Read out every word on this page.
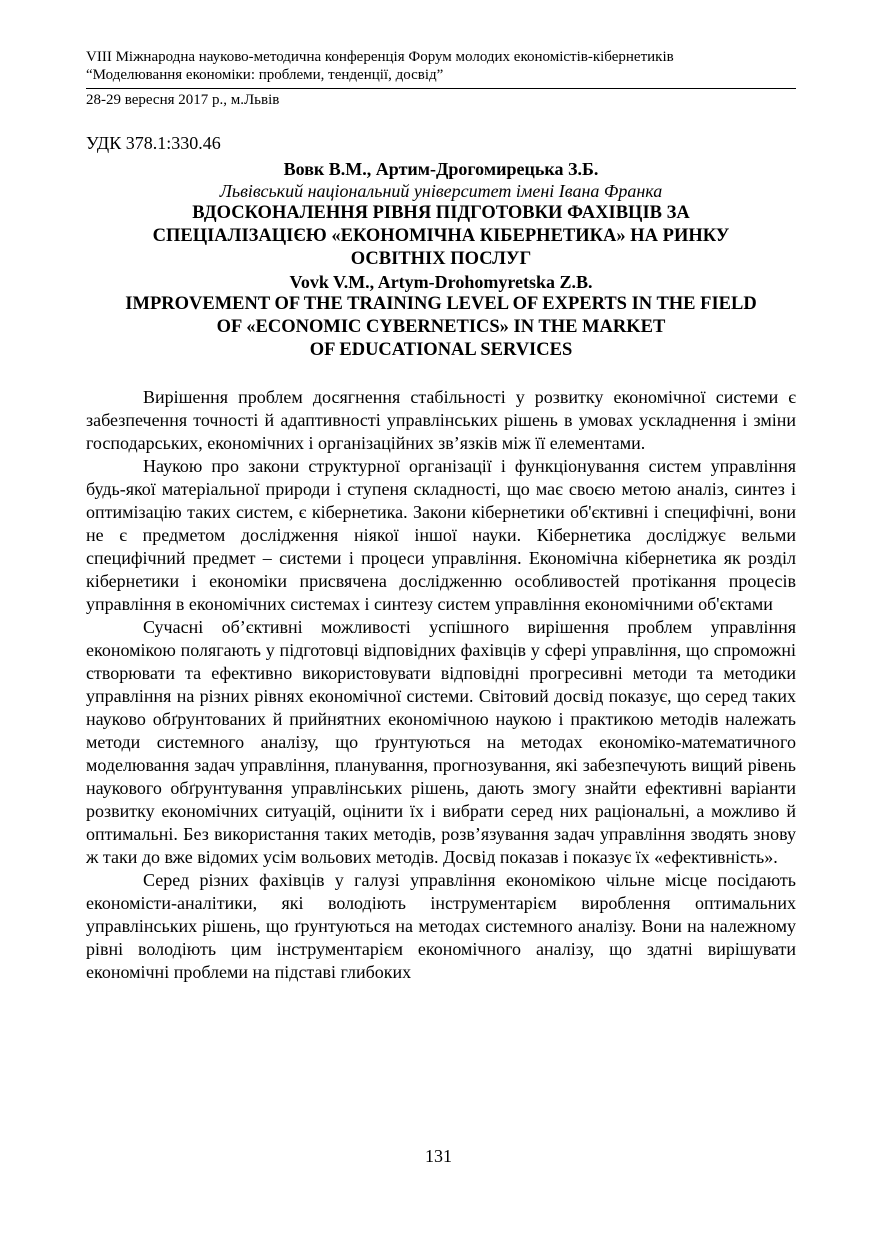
VIII Міжнародна науково-методична конференція Форум молодих економістів-кібернетиків
“Моделювання економіки: проблеми, тенденції, досвід”
28-29 вересня 2017 р., м.Львів
УДК 378.1:330.46
Вовк В.М., Артим-Дрогомирецька З.Б.
Львівський національний університет імені Івана Франка
ВДОСКОНАЛЕННЯ РІВНЯ ПІДГОТОВКИ ФАХІВЦІВ ЗА
СПЕЦІАЛІЗАЦІЄЮ «ЕКОНОМІЧНА КІБЕРНЕТИКА» НА РИНКУ
ОСВІТНІХ ПОСЛУГ
Vovk V.M., Artym-Drohomyretska Z.B.
IMPROVEMENT OF THE TRAINING LEVEL OF EXPERTS IN THE FIELD
OF «ECONOMIC CYBERNETICS» IN THE MARKET
OF EDUCATIONAL SERVICES

Вирішення проблем досягнення стабільності у розвитку економічної системи є забезпечення точності й адаптивності управлінських рішень в умовах ускладнення і зміни господарських, економічних і організаційних зв’язків між її елементами.

Наукою про закони структурної організації і функціонування систем управління будь-якої матеріальної природи і ступеня складності, що має своєю метою аналіз, синтез і оптимізацію таких систем, є кібернетика. Закони кібернетики об'єктивні і специфічні, вони не є предметом дослідження ніякої іншої науки. Кібернетика досліджує вельми специфічний предмет – системи і процеси управління. Економічна кібернетика як розділ кібернетики і економіки присвячена дослідженню особливостей протікання процесів управління в економічних системах і синтезу систем управління економічними об'єктами

Сучасні об’єктивні можливості успішного вирішення проблем управління економікою полягають у підготовці відповідних фахівців у сфері управління, що спроможні створювати та ефективно використовувати відповідні прогресивні методи та методики управління на різних рівнях економічної системи. Світовий досвід показує, що серед таких науково обґрунтованих й прийнятних економічною наукою і практикою методів належать методи системного аналізу, що ґрунтуються на методах економіко-математичного моделювання задач управління, планування, прогнозування, які забезпечують вищий рівень наукового обґрунтування управлінських рішень, дають змогу знайти ефективні варіанти розвитку економічних ситуацій, оцінити їх і вибрати серед них раціональні, а можливо й оптимальні. Без використання таких методів, розв’язування задач управління зводять знову ж таки до вже відомих усім вольових методів. Досвід показав і показує їх «ефективність».

Серед різних фахівців у галузі управління економікою чільне місце посідають економісти-аналітики, які володіють інструментарієм вироблення оптимальних управлінських рішень, що ґрунтуються на методах системного аналізу. Вони на належному рівні володіють цим інструментарієм економічного аналізу, що здатні вирішувати економічні проблеми на підставі глибоких

131
